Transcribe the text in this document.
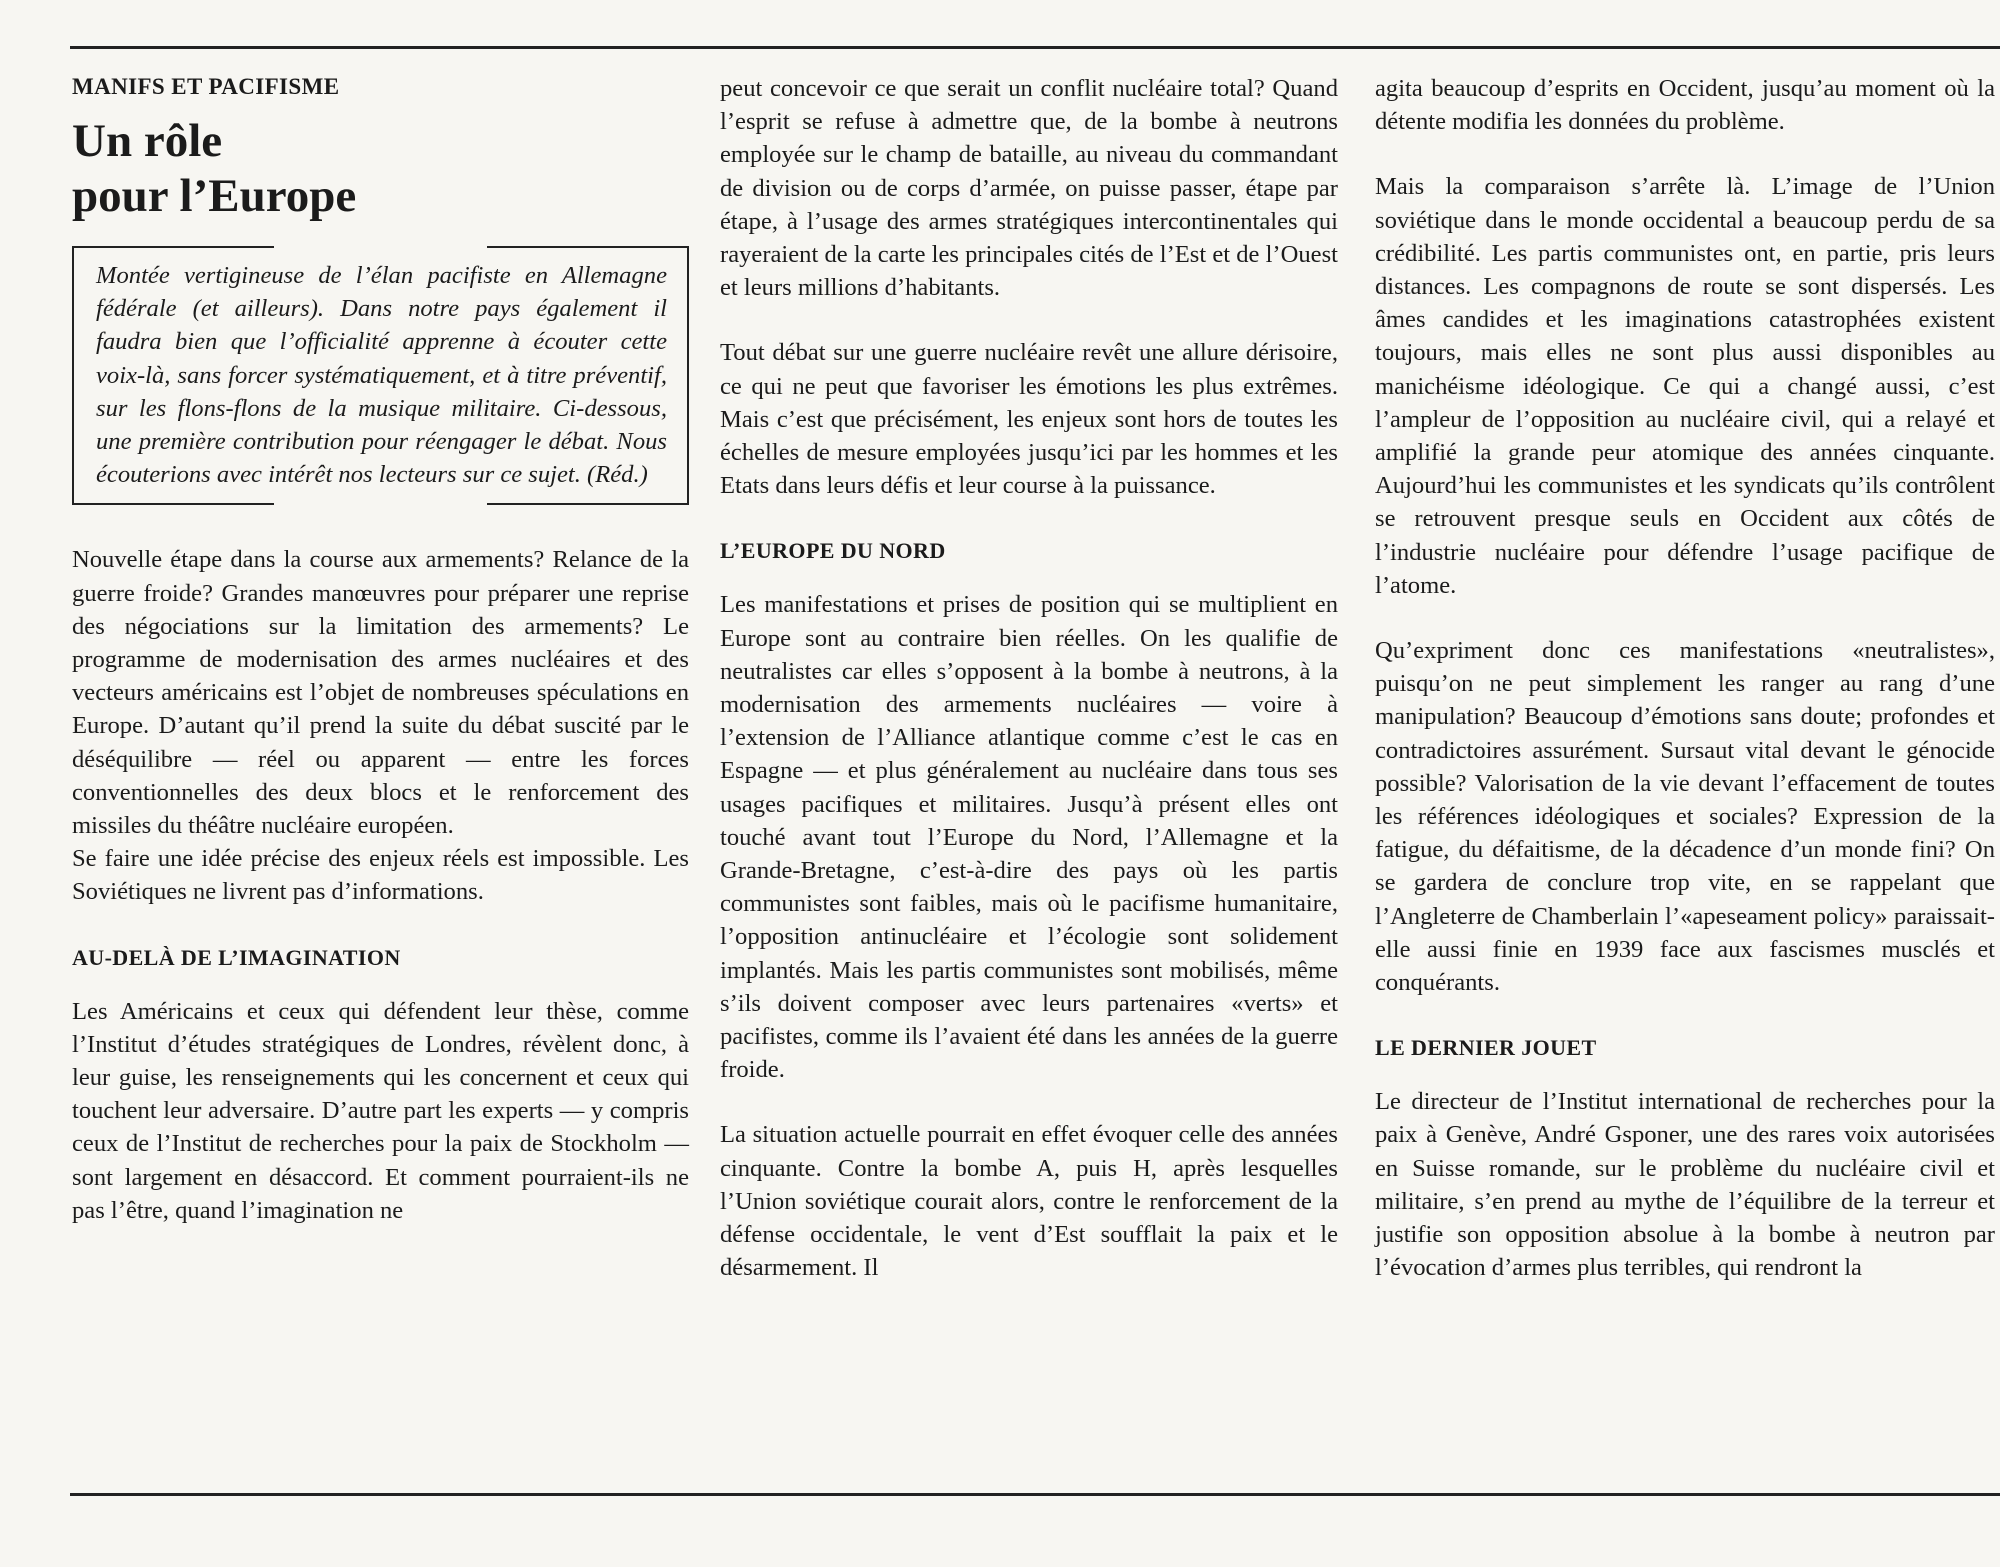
MANIFS ET PACIFISME
Un rôle
pour l’Europe

Montée vertigineuse de l’élan pacifiste en Allemagne fédérale (et ailleurs). Dans notre pays également il faudra bien que l’officialité apprenne à écouter cette voix-là, sans forcer systématiquement, et à titre préventif, sur les flons-flons de la musique militaire. Ci-dessous, une première contribution pour réengager le débat. Nous écouterions avec intérêt nos lecteurs sur ce sujet. (Réd.)

Nouvelle étape dans la course aux armements? Relance de la guerre froide? Grandes manœuvres pour préparer une reprise des négociations sur la limitation des armements? Le programme de modernisation des armes nucléaires et des vecteurs américains est l’objet de nombreuses spéculations en Europe. D’autant qu’il prend la suite du débat suscité par le déséquilibre — réel ou apparent — entre les forces conventionnelles des deux blocs et le renforcement des missiles du théâtre nucléaire européen.

Se faire une idée précise des enjeux réels est impossible. Les Soviétiques ne livrent pas d’informations.

AU-DELÀ DE L’IMAGINATION

Les Américains et ceux qui défendent leur thèse, comme l’Institut d’études stratégiques de Londres, révèlent donc, à leur guise, les renseignements qui les concernent et ceux qui touchent leur adversaire. D’autre part les experts — y compris ceux de l’Institut de recherches pour la paix de Stockholm — sont largement en désaccord. Et comment pourraient-ils ne pas l’être, quand l’imagination ne

peut concevoir ce que serait un conflit nucléaire total? Quand l’esprit se refuse à admettre que, de la bombe à neutrons employée sur le champ de bataille, au niveau du commandant de division ou de corps d’armée, on puisse passer, étape par étape, à l’usage des armes stratégiques intercontinentales qui rayeraient de la carte les principales cités de l’Est et de l’Ouest et leurs millions d’habitants.

Tout débat sur une guerre nucléaire revêt une allure dérisoire, ce qui ne peut que favoriser les émotions les plus extrêmes. Mais c’est que précisément, les enjeux sont hors de toutes les échelles de mesure employées jusqu’ici par les hommes et les Etats dans leurs défis et leur course à la puissance.

L’EUROPE DU NORD

Les manifestations et prises de position qui se multiplient en Europe sont au contraire bien réelles. On les qualifie de neutralistes car elles s’opposent à la bombe à neutrons, à la modernisation des armements nucléaires — voire à l’extension de l’Alliance atlantique comme c’est le cas en Espagne — et plus généralement au nucléaire dans tous ses usages pacifiques et militaires. Jusqu’à présent elles ont touché avant tout l’Europe du Nord, l’Allemagne et la Grande-Bretagne, c’est-à-dire des pays où les partis communistes sont faibles, mais où le pacifisme humanitaire, l’opposition antinucléaire et l’écologie sont solidement implantés. Mais les partis communistes sont mobilisés, même s’ils doivent composer avec leurs partenaires «verts» et pacifistes, comme ils l’avaient été dans les années de la guerre froide.

La situation actuelle pourrait en effet évoquer celle des années cinquante. Contre la bombe A, puis H, après lesquelles l’Union soviétique courait alors, contre le renforcement de la défense occidentale, le vent d’Est soufflait la paix et le désarmement. Il

agita beaucoup d’esprits en Occident, jusqu’au moment où la détente modifia les données du problème.

Mais la comparaison s’arrête là. L’image de l’Union soviétique dans le monde occidental a beaucoup perdu de sa crédibilité. Les partis communistes ont, en partie, pris leurs distances. Les compagnons de route se sont dispersés. Les âmes candides et les imaginations catastrophées existent toujours, mais elles ne sont plus aussi disponibles au manichéisme idéologique. Ce qui a changé aussi, c’est l’ampleur de l’opposition au nucléaire civil, qui a relayé et amplifié la grande peur atomique des années cinquante. Aujourd’hui les communistes et les syndicats qu’ils contrôlent se retrouvent presque seuls en Occident aux côtés de l’industrie nucléaire pour défendre l’usage pacifique de l’atome.

Qu’expriment donc ces manifestations «neutralistes», puisqu’on ne peut simplement les ranger au rang d’une manipulation? Beaucoup d’émotions sans doute; profondes et contradictoires assurément. Sursaut vital devant le génocide possible? Valorisation de la vie devant l’effacement de toutes les références idéologiques et sociales? Expression de la fatigue, du défaitisme, de la décadence d’un monde fini? On se gardera de conclure trop vite, en se rappelant que l’Angleterre de Chamberlain l’«apeseament policy» paraissait-elle aussi finie en 1939 face aux fascismes musclés et conquérants.

LE DERNIER JOUET

Le directeur de l’Institut international de recherches pour la paix à Genève, André Gsponer, une des rares voix autorisées en Suisse romande, sur le problème du nucléaire civil et militaire, s’en prend au mythe de l’équilibre de la terreur et justifie son opposition absolue à la bombe à neutron par l’évocation d’armes plus terribles, qui rendront la
